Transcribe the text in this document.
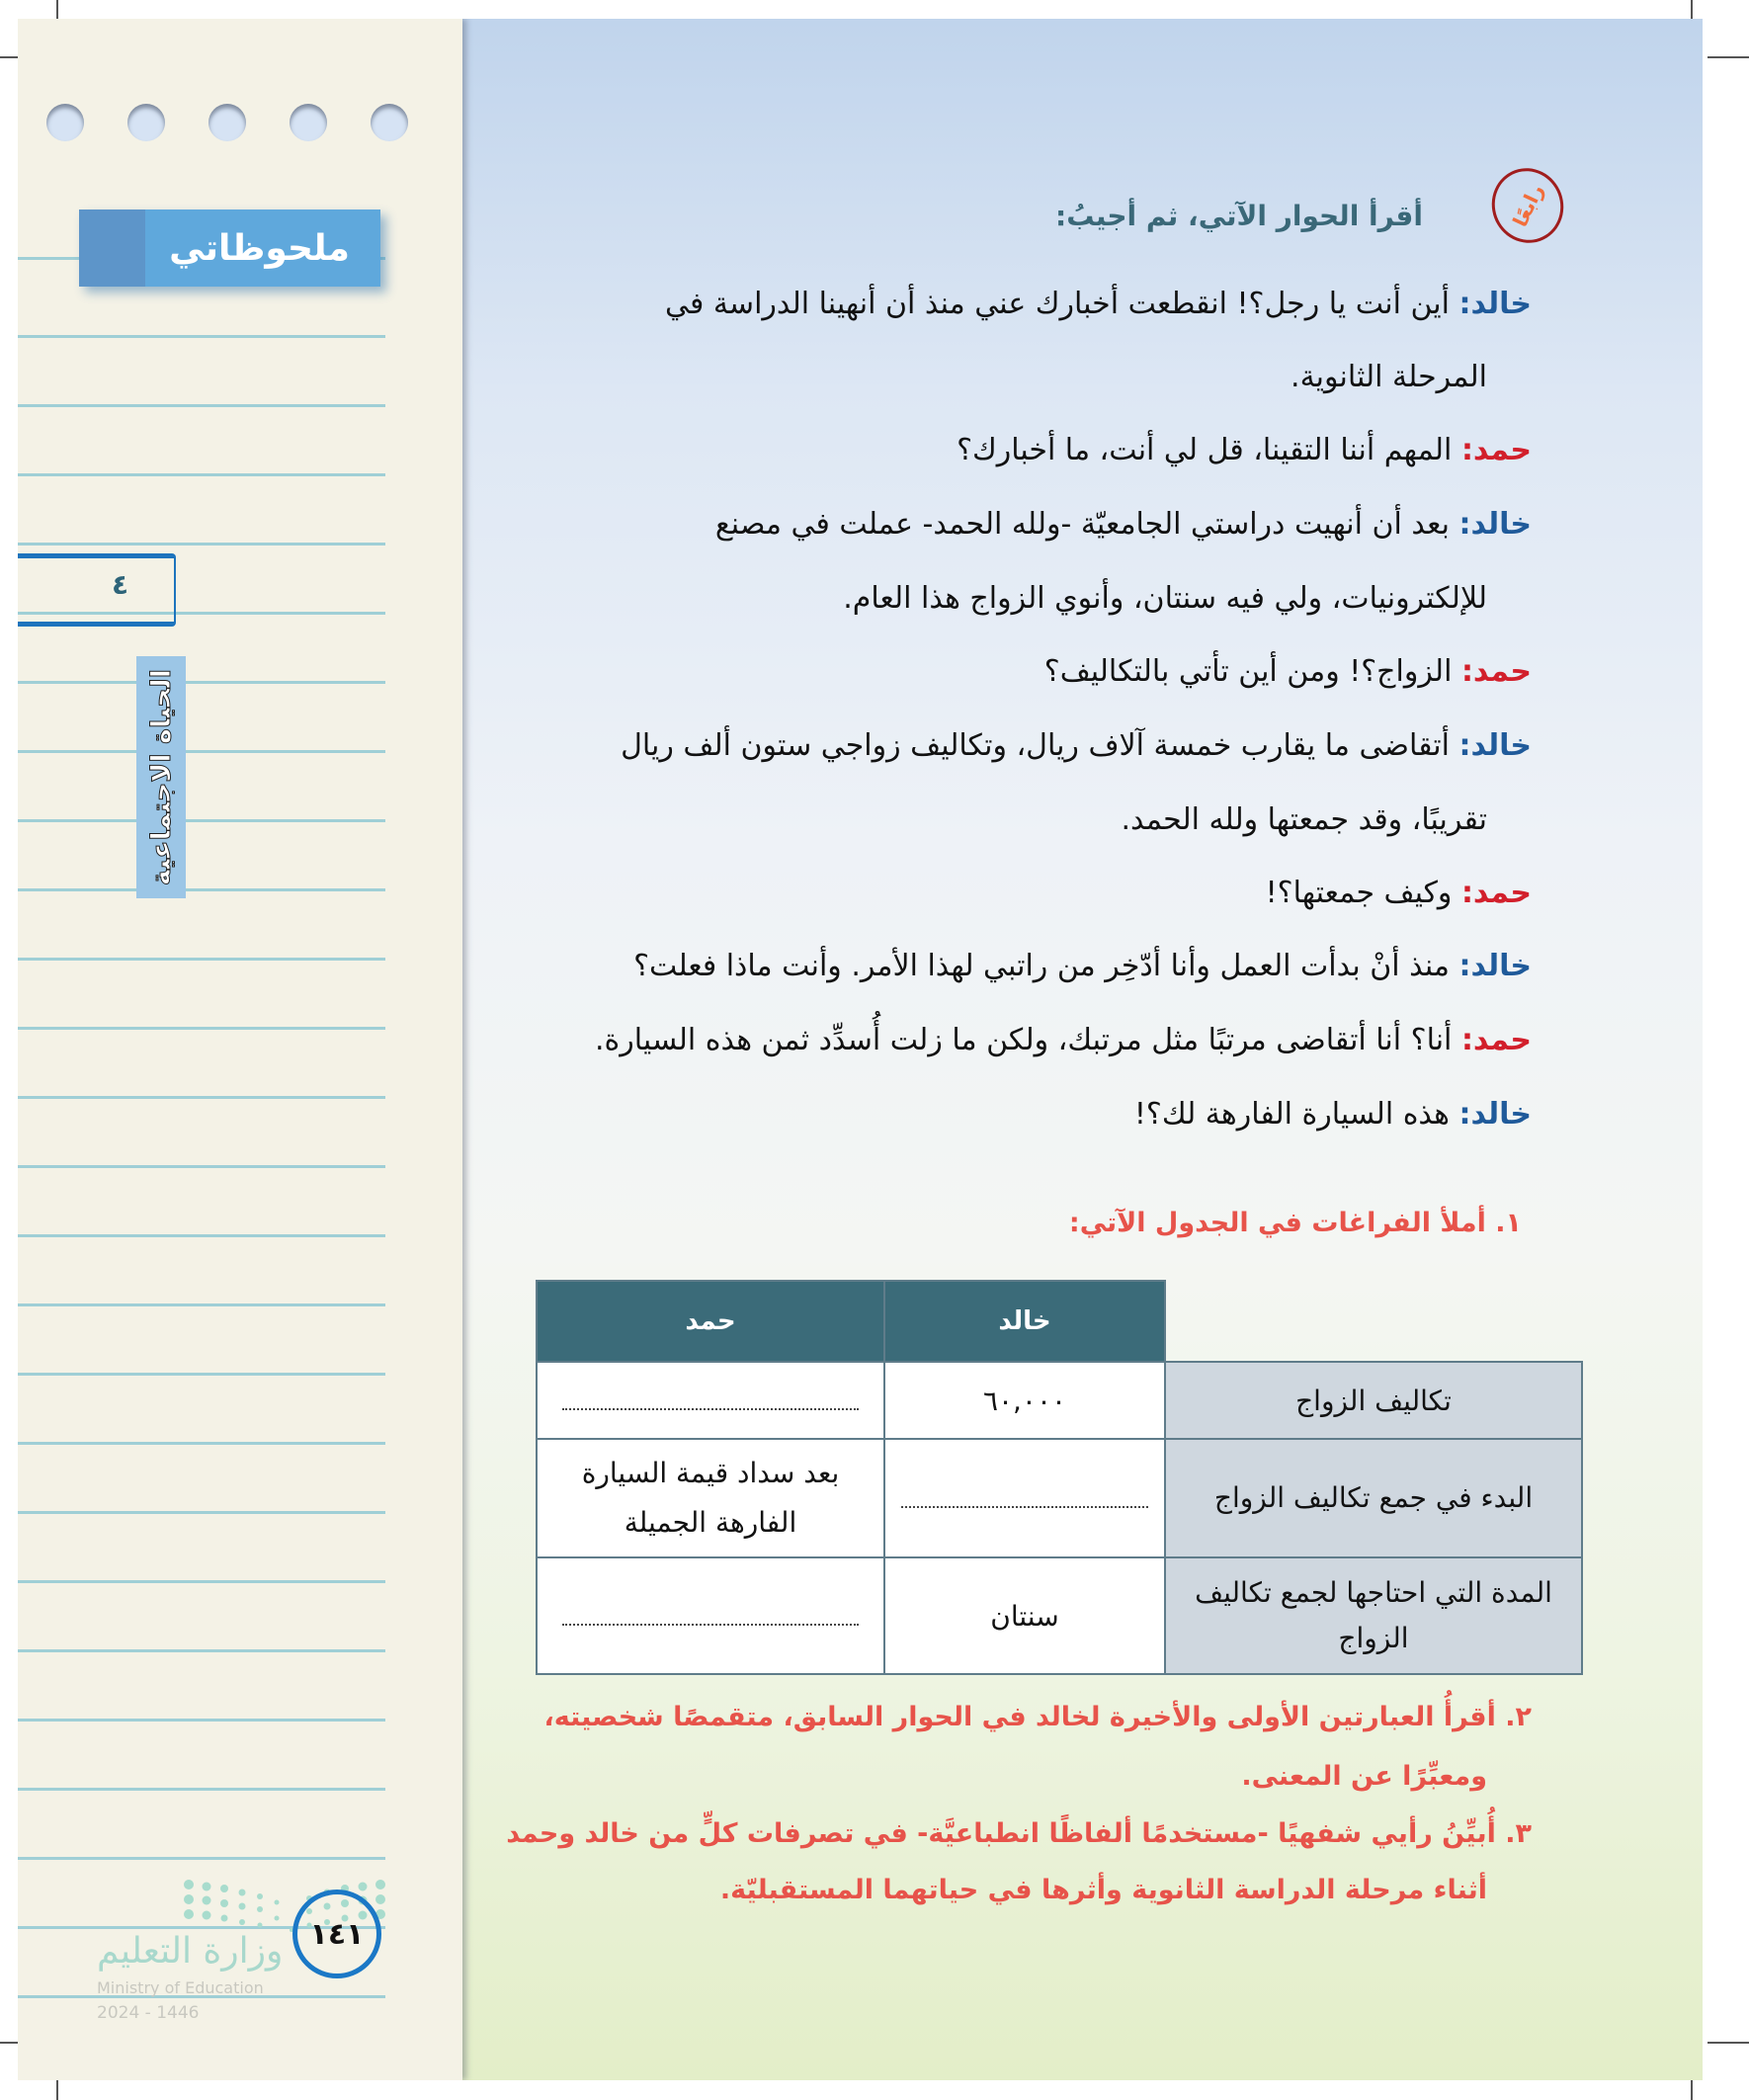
ملحوظاتي
٤
الحياة الاجتماعية
وزارة التعليم
Ministry of Education
2024 - 1446
١٤١
رابعًا
أقرأ الحوار الآتي، ثم أجيبُ:
خالد: أين أنت يا رجل؟! انقطعت أخبارك عني منذ أن أنهينا الدراسة في
المرحلة الثانوية.
حمد: المهم أننا التقينا، قل لي أنت، ما أخبارك؟
خالد: بعد أن أنهيت دراستي الجامعيّة -ولله الحمد- عملت في مصنع
للإلكترونيات، ولي فيه سنتان، وأنوي الزواج هذا العام.
حمد: الزواج؟! ومن أين تأتي بالتكاليف؟
خالد: أتقاضى ما يقارب خمسة آلاف ريال، وتكاليف زواجي ستون ألف ريال
تقريبًا، وقد جمعتها ولله الحمد.
حمد: وكيف جمعتها؟!
خالد: منذ أنْ بدأت العمل وأنا أدّخِر من راتبي لهذا الأمر. وأنت ماذا فعلت؟
حمد: أنا؟ أنا أتقاضى مرتبًا مثل مرتبك، ولكن ما زلت أُسدِّد ثمن هذه السيارة.
خالد: هذه السيارة الفارهة لك؟!
١. أملأ الفراغات في الجدول الآتي:
حمد	خالد	
	٦٠,٠٠٠	تكاليف الزواج
بعد سداد قيمة السيارة الفارهة الجميلة		البدء في جمع تكاليف الزواج
	سنتان	المدة التي احتاجها لجمع تكاليف الزواج
٢. أقرأُ العبارتين الأولى والأخيرة لخالد في الحوار السابق، متقمصًا شخصيته،
ومعبِّرًا عن المعنى.
٣. أُبيِّنُ رأيي شفهيًا -مستخدمًا ألفاظًا انطباعيَّة- في تصرفات كلٍّ من خالد وحمد
أثناء مرحلة الدراسة الثانوية وأثرها في حياتهما المستقبليّة.
